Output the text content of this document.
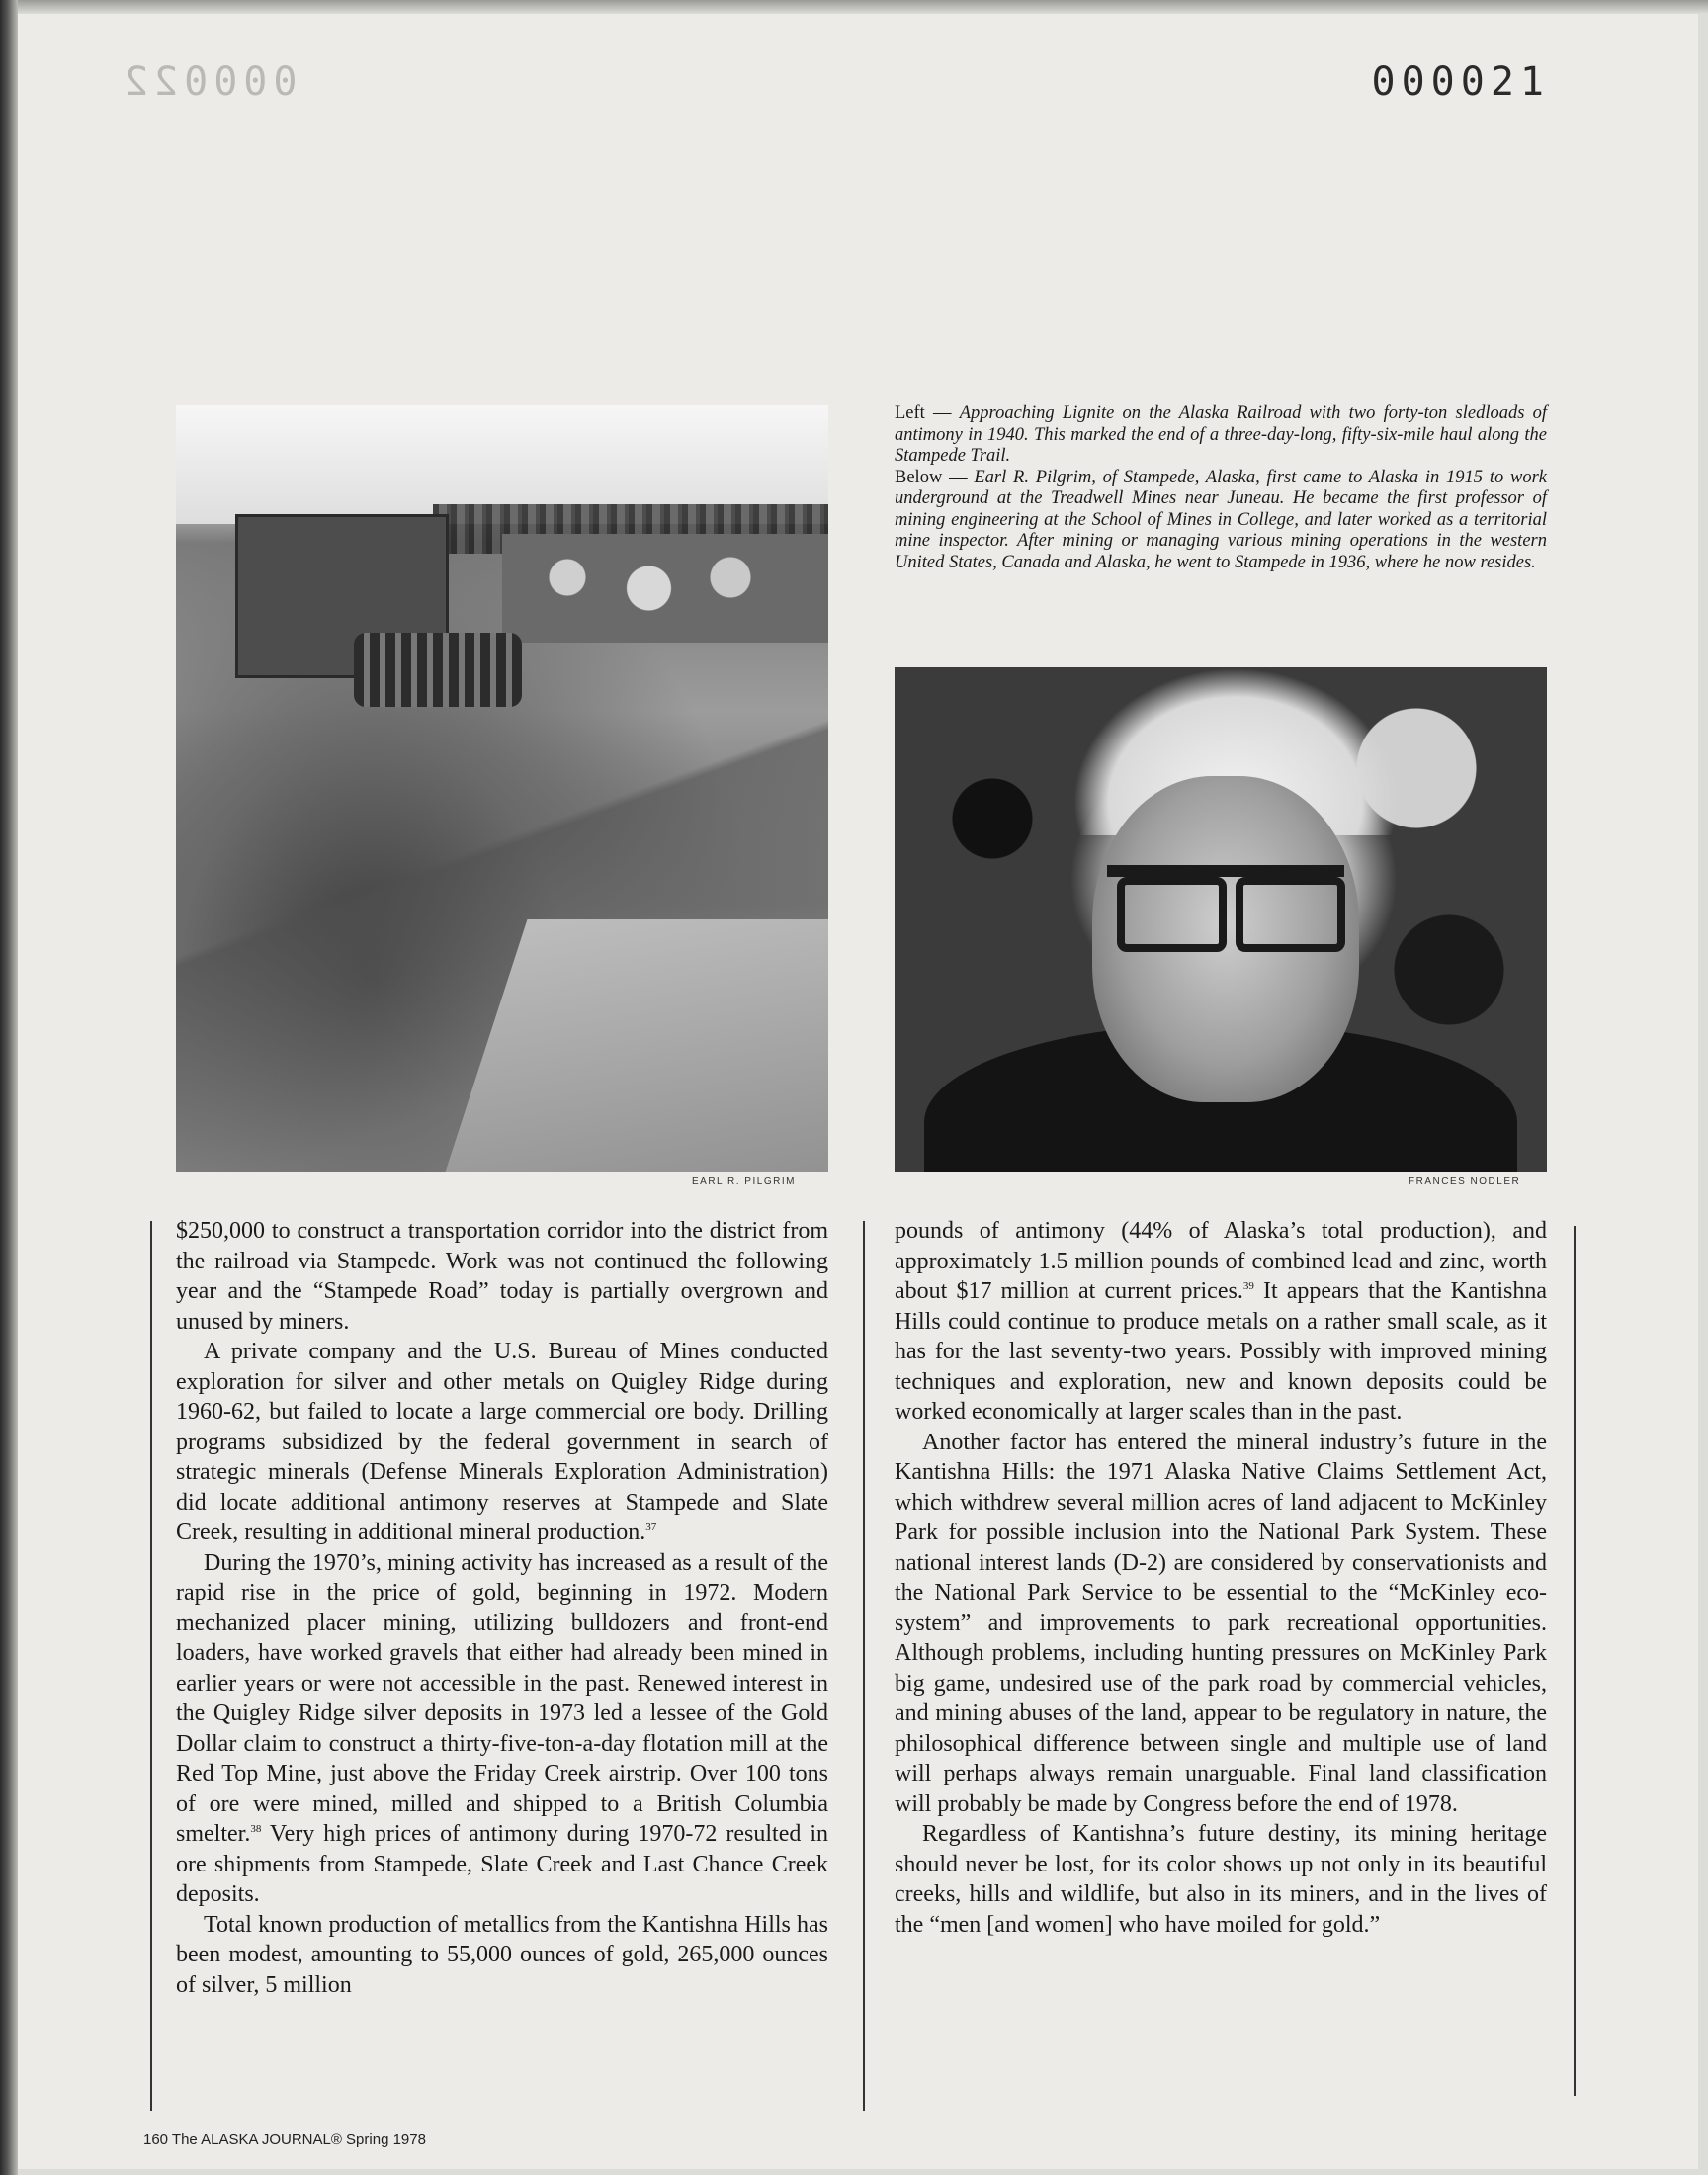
000022	000021
EARL R. PILGRIM

Left — Approaching Lignite on the Alaska Railroad with two forty-ton sledloads of antimony in 1940. This marked the end of a three-day-long, fifty-six-mile haul along the Stampede Trail.

Below — Earl R. Pilgrim, of Stampede, Alaska, first came to Alaska in 1915 to work underground at the Treadwell Mines near Juneau. He became the first professor of mining engineering at the School of Mines in College, and later worked as a territorial mine inspector. After mining or managing various mining operations in the western United States, Canada and Alaska, he went to Stampede in 1936, where he now resides.

FRANCES NODLER

$250,000 to construct a transportation corridor into the district from the railroad via Stampede. Work was not continued the following year and the “Stampede Road” today is partially overgrown and unused by miners.

A private company and the U.S. Bureau of Mines conducted exploration for silver and other metals on Quigley Ridge during 1960-62, but failed to locate a large commercial ore body. Drilling programs subsidized by the federal government in search of strategic minerals (Defense Minerals Exploration Administration) did locate additional antimony reserves at Stampede and Slate Creek, resulting in additional mineral production.$^{37}$

During the 1970’s, mining activity has increased as a result of the rapid rise in the price of gold, beginning in 1972. Modern mechanized placer mining, utilizing bulldozers and front-end loaders, have worked gravels that either had already been mined in earlier years or were not accessible in the past. Renewed interest in the Quigley Ridge silver deposits in 1973 led a lessee of the Gold Dollar claim to construct a thirty-five-ton-a-day flotation mill at the Red Top Mine, just above the Friday Creek airstrip. Over 100 tons of ore were mined, milled and shipped to a British Columbia smelter.$^{38}$ Very high prices of antimony during 1970-72 resulted in ore shipments from Stampede, Slate Creek and Last Chance Creek deposits.

Total known production of metallics from the Kantishna Hills has been modest, amounting to 55,000 ounces of gold, 265,000 ounces of silver, 5 million

pounds of antimony (44% of Alaska’s total production), and approximately 1.5 million pounds of combined lead and zinc, worth about $17 million at current prices.$^{39}$ It appears that the Kantishna Hills could continue to produce metals on a rather small scale, as it has for the last seventy-two years. Possibly with improved mining techniques and exploration, new and known deposits could be worked economically at larger scales than in the past.

Another factor has entered the mineral industry’s future in the Kantishna Hills: the 1971 Alaska Native Claims Settlement Act, which withdrew several million acres of land adjacent to McKinley Park for possible inclusion into the National Park System. These national interest lands (D-2) are considered by conservationists and the National Park Service to be essential to the “McKinley eco-system” and improvements to park recreational opportunities. Although problems, including hunting pressures on McKinley Park big game, undesired use of the park road by commercial vehicles, and mining abuses of the land, appear to be regulatory in nature, the philosophical difference between single and multiple use of land will perhaps always remain unarguable. Final land classification will probably be made by Congress before the end of 1978.

Regardless of Kantishna’s future destiny, its mining heritage should never be lost, for its color shows up not only in its beautiful creeks, hills and wildlife, but also in its miners, and in the lives of the “men [and women] who have moiled for gold.”

160 The ALASKA JOURNAL® Spring 1978
